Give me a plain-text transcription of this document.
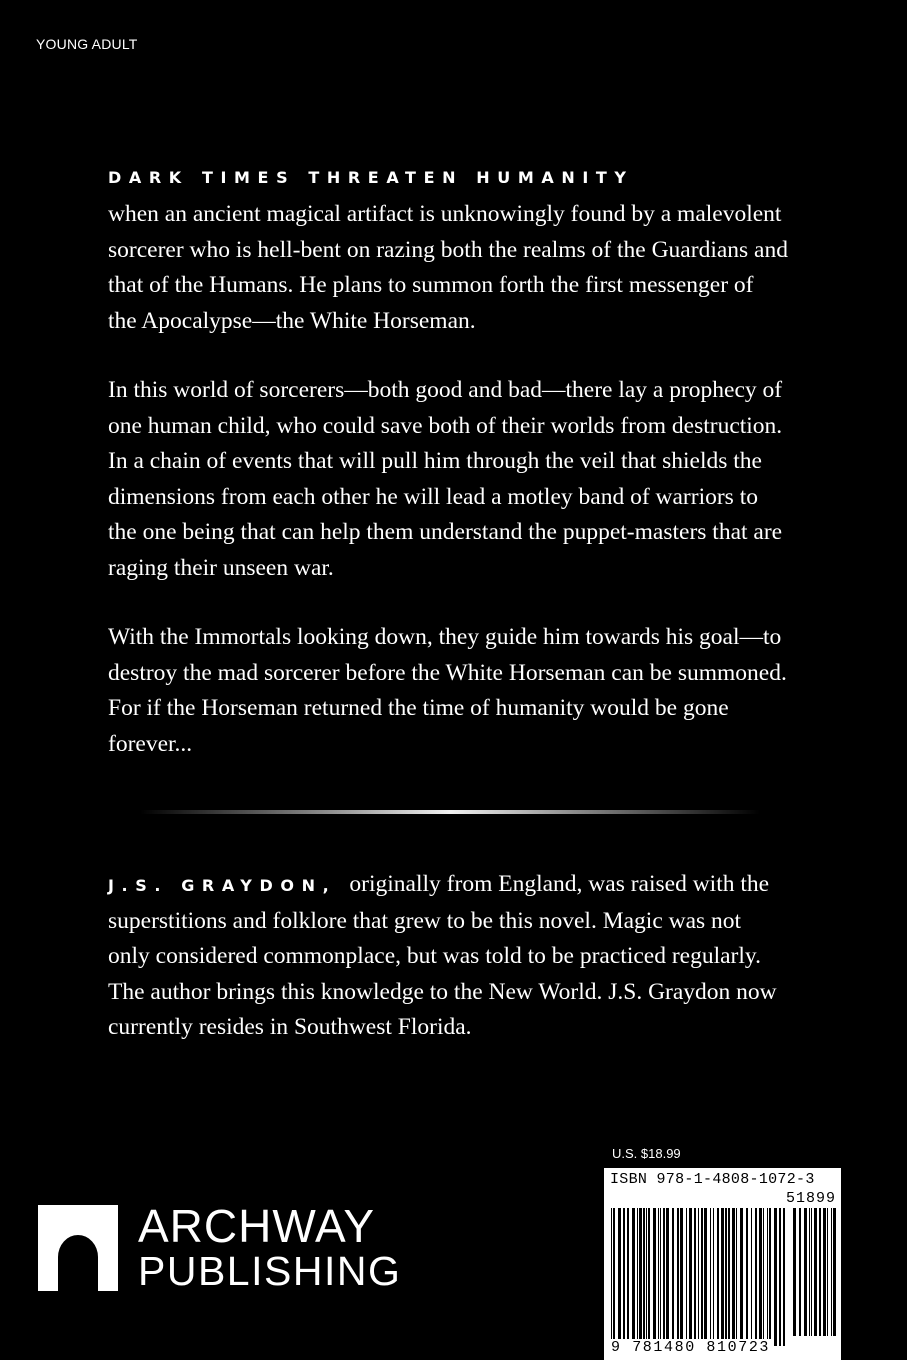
YOUNG ADULT

DARK TIMES THREATEN HUMANITY
when an ancient magical artifact is unknowingly found by a malevolent sorcerer who is hell-bent on razing both the realms of the Guardians and that of the Humans. He plans to summon forth the first messenger of the Apocalypse—the White Horseman.

In this world of sorcerers—both good and bad—there lay a prophecy of one human child, who could save both of their worlds from destruction. In a chain of events that will pull him through the veil that shields the dimensions from each other he will lead a motley band of warriors to the one being that can help them understand the puppet-masters that are raging their unseen war.

With the Immortals looking down, they guide him towards his goal—to destroy the mad sorcerer before the White Horseman can be summoned. For if the Horseman returned the time of humanity would be gone forever...

J.S. GRAYDON, originally from England, was raised with the superstitions and folklore that grew to be this novel. Magic was not only considered commonplace, but was told to be practiced regularly. The author brings this knowledge to the New World. J.S. Graydon now currently resides in Southwest Florida.

ARCHWAY
PUBLISHING
U.S. $18.99
ISBN 978-1-4808-1072-3
51899
9 781480 810723
